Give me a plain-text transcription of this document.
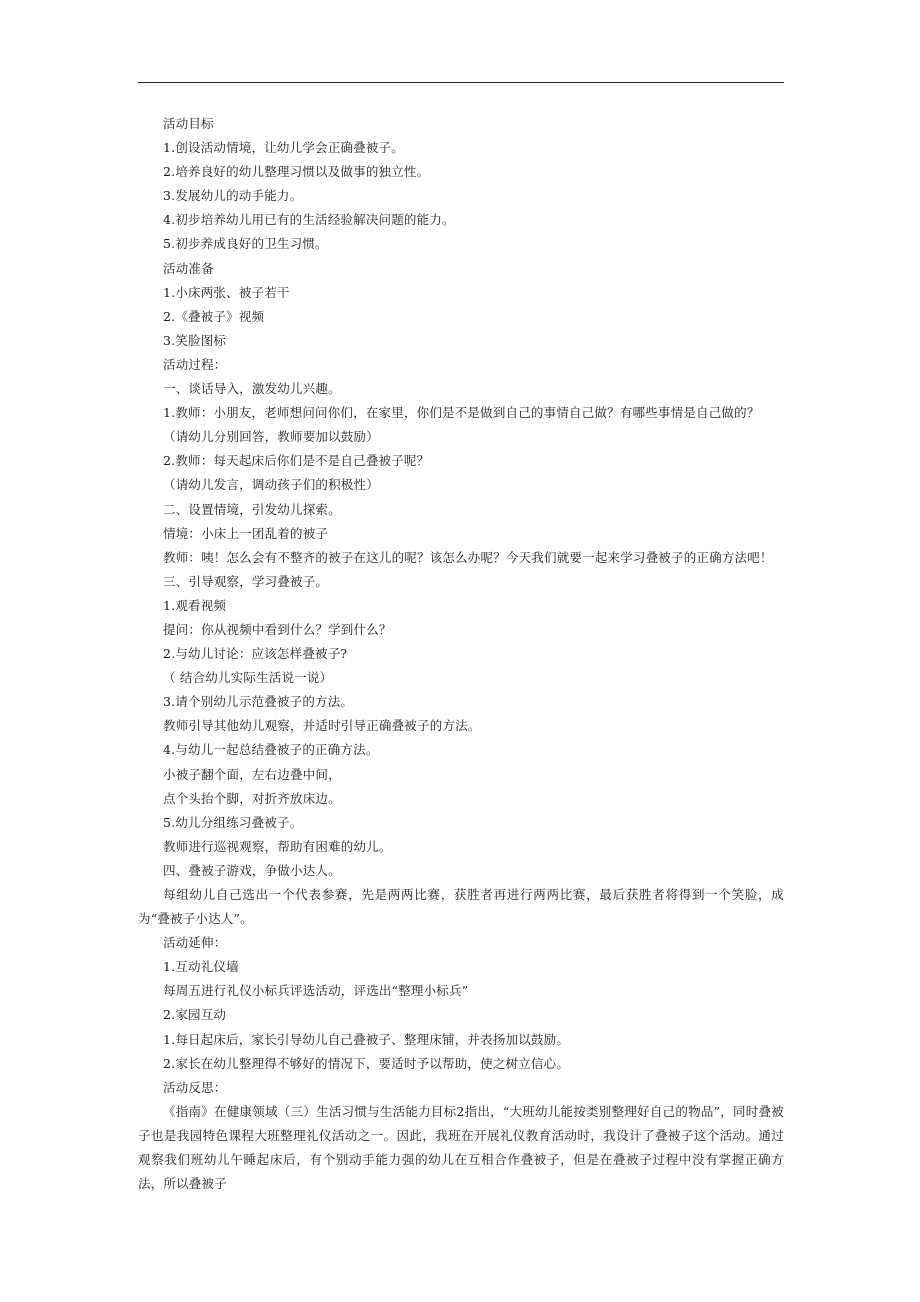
活动目标
1.创设活动情境，让幼儿学会正确叠被子。
2.培养良好的幼儿整理习惯以及做事的独立性。
3.发展幼儿的动手能力。
4.初步培养幼儿用已有的生活经验解决问题的能力。
5.初步养成良好的卫生习惯。
活动准备
1.小床两张、被子若干
2.《叠被子》视频
3.笑脸图标
活动过程：
一、谈话导入，激发幼儿兴趣。
1.教师：小朋友，老师想问问你们，在家里，你们是不是做到自己的事情自己做？有哪些事情是自己做的？
（请幼儿分别回答，教师要加以鼓励）
2.教师：每天起床后你们是不是自己叠被子呢？
（请幼儿发言，调动孩子们的积极性）
二、设置情境，引发幼儿探索。
情境：小床上一团乱着的被子
教师：咦！怎么会有不整齐的被子在这儿的呢？该怎么办呢？今天我们就要一起来学习叠被子的正确方法吧！
三、引导观察，学习叠被子。
1.观看视频
提问：你从视频中看到什么？学到什么？
2.与幼儿讨论：应该怎样叠被子?
（ 结合幼儿实际生活说一说）
3.请个别幼儿示范叠被子的方法。
教师引导其他幼儿观察，并适时引导正确叠被子的方法。
4.与幼儿一起总结叠被子的正确方法。
小被子翻个面，左右边叠中间，
点个头抬个脚，对折齐放床边。
5.幼儿分组练习叠被子。
教师进行巡视观察，帮助有困难的幼儿。
四、叠被子游戏，争做小达人。
每组幼儿自己选出一个代表参赛，先是两两比赛，获胜者再进行两两比赛，最后获胜者将得到一个笑脸，成为“叠被子小达人”。
活动延伸：
1.互动礼仪墙
每周五进行礼仪小标兵评选活动，评选出“整理小标兵”
2.家园互动
1.每日起床后，家长引导幼儿自己叠被子、整理床铺，并表扬加以鼓励。
2.家长在幼儿整理得不够好的情况下，要适时予以帮助，使之树立信心。
活动反思：
《指南》在健康领域（三）生活习惯与生活能力目标2指出，“大班幼儿能按类别整理好自己的物品”，同时叠被子也是我园特色课程大班整理礼仪活动之一。因此，我班在开展礼仪教育活动时，我设计了叠被子这个活动。通过观察我们班幼儿午睡起床后，有个别动手能力强的幼儿在互相合作叠被子，但是在叠被子过程中没有掌握正确方法，所以叠被子
